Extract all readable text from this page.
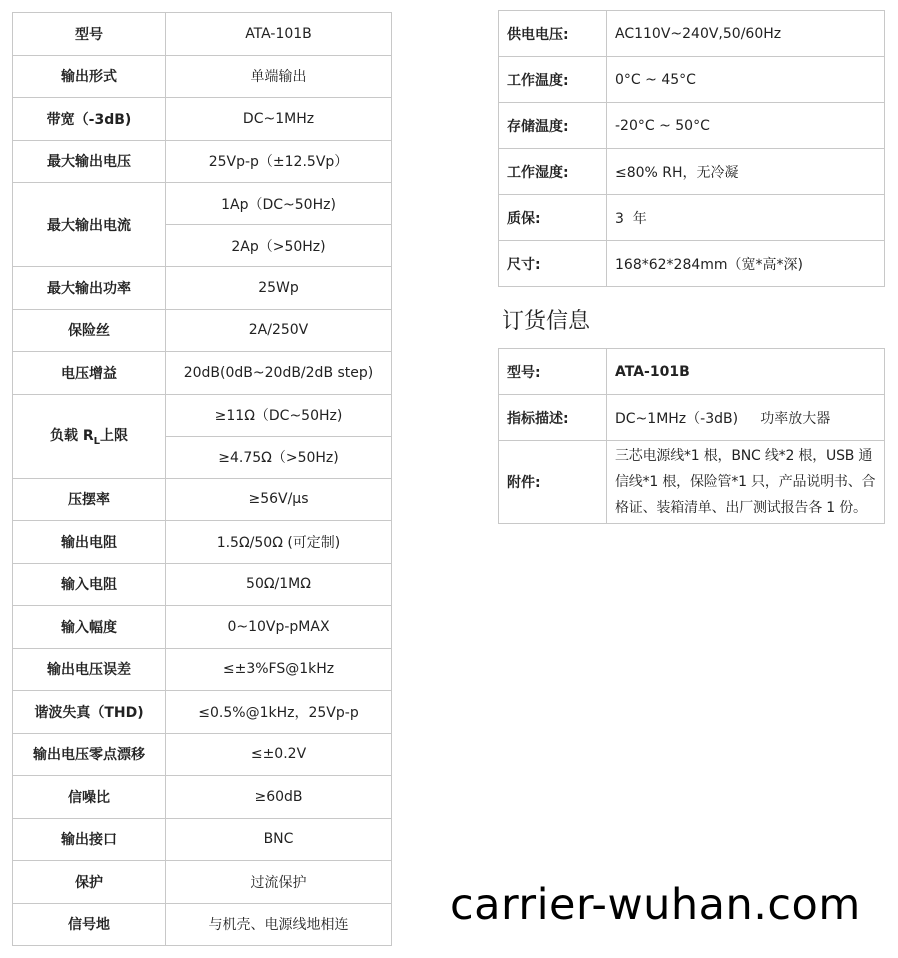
型号	ATA-101B
输出形式	单端输出
带宽（-3dB)	DC~1MHz
最大输出电压	25Vp-p（±12.5Vp）
最大输出电流	1Ap（DC~50Hz)
	2Ap（>50Hz)
最大输出功率	25Wp
保险丝	2A/250V
电压增益	20dB(0dB~20dB/2dB step)
负载 $R_L$上限	≥11Ω（DC~50Hz)
	≥4.75Ω（>50Hz)
压摆率	≥56V/μs
输出电阻	1.5Ω/50Ω (可定制)
输入电阻	50Ω/1MΩ
输入幅度	0~10Vp-pMAX
输出电压误差	≤±3%FS@1kHz
谐波失真（THD)	≤0.5%@1kHz，25Vp-p
输出电压零点漂移	≤±0.2V
信噪比	≥60dB
输出接口	BNC
保护	过流保护
信号地	与机壳、电源线地相连
供电电压:	AC110V~240V,50/60Hz
工作温度:	0°C ~ 45°C
存储温度:	-20°C ~ 50°C
工作湿度:	≤80% RH，无冷凝
质保:	3  年
尺寸:	168*62*284mm（宽*高*深)
订货信息
型号:	ATA-101B
指标描述:	DC~1MHz（-3dB)     功率放大器
附件:	三芯电源线*1 根，BNC 线*2 根，USB 通信线*1 根，保险管*1 只，产品说明书、合格证、装箱清单、出厂测试报告各 1 份。
carrier-wuhan.com
